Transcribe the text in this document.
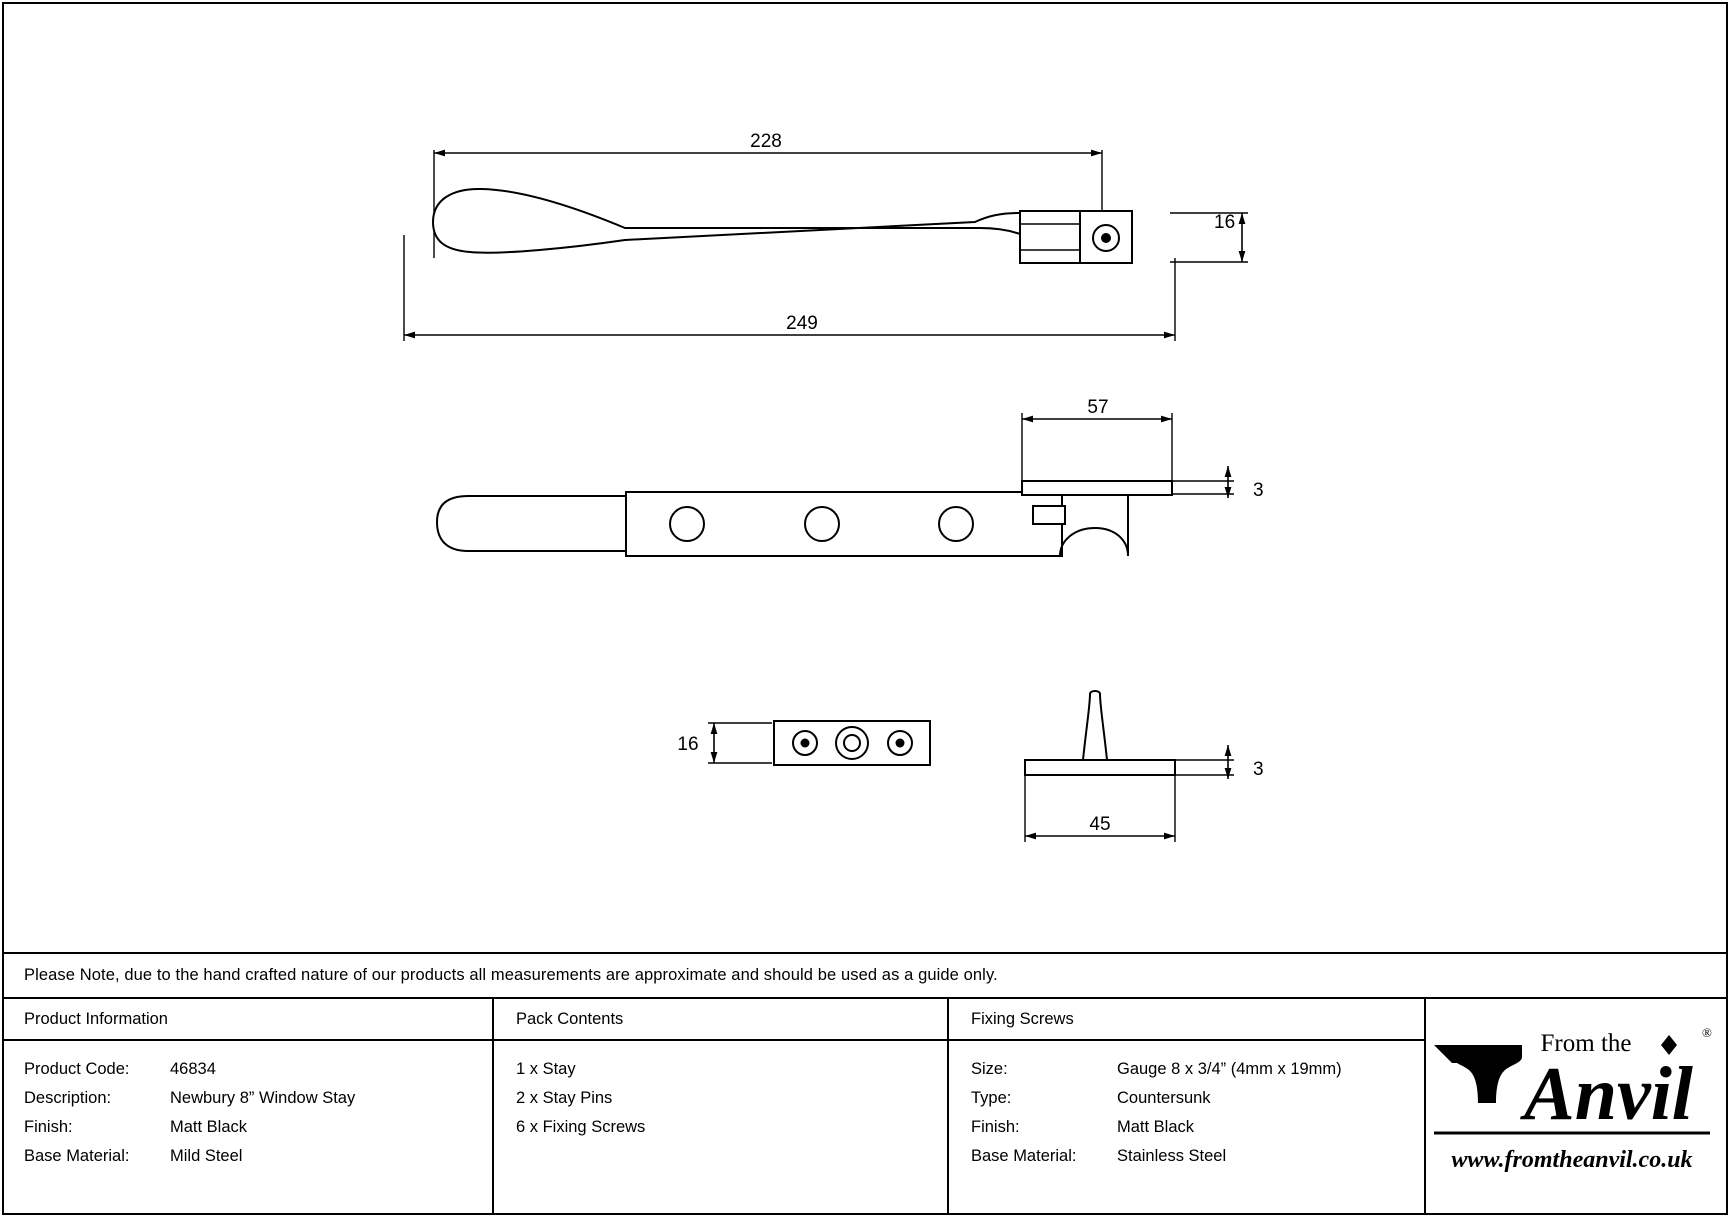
228
249
16
57
3
16
3
45
Please Note, due to the hand crafted nature of our products all measurements are approximate and should be used as a guide only.
Product Information
Product Code:	46834
Description:	Newbury 8” Window Stay
Finish:	Matt Black
Base Material:	Mild Steel
Pack Contents
1 x Stay
2 x Stay Pins
6 x Fixing Screws
Fixing Screws
Size:	Gauge 8 x 3/4” (4mm x 19mm)
Type:	Countersunk
Finish:	Matt Black
Base Material:	Stainless Steel
From the	®
Anvil
www.fromtheanvil.co.uk
